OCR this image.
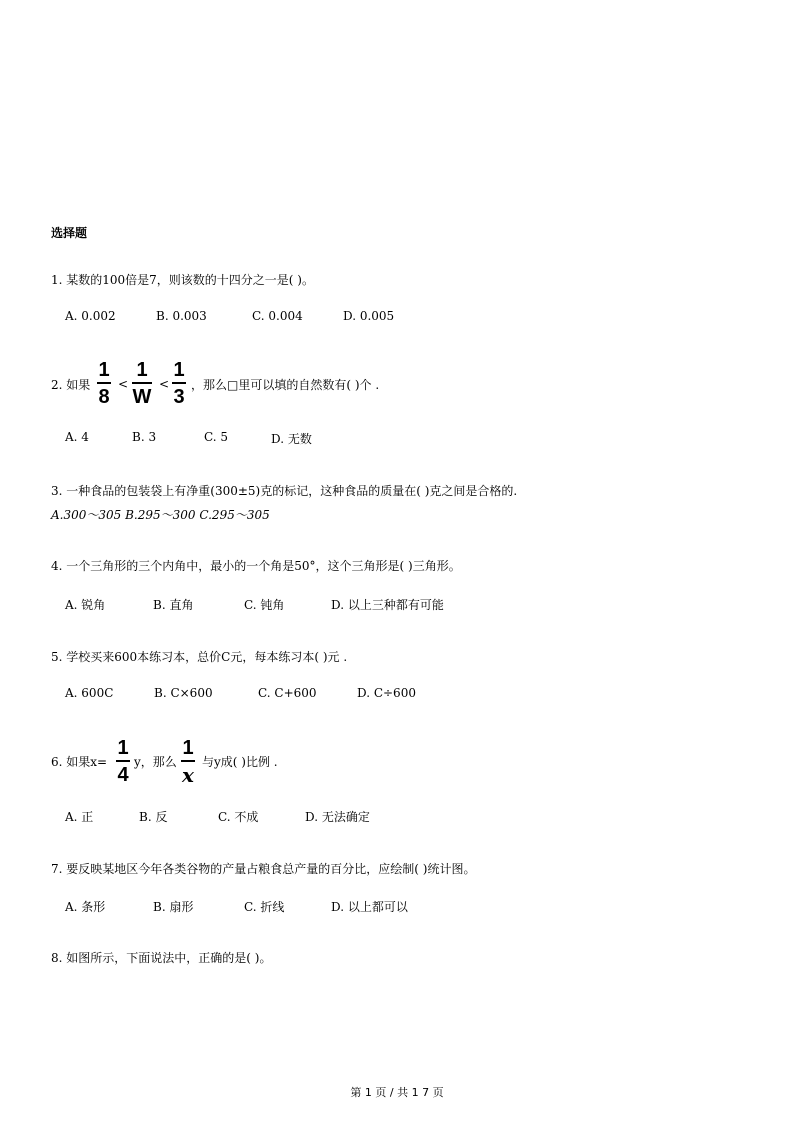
选择题
1. 某数的100倍是7，则该数的十四分之一是( )。
A. 0.002	B. 0.003	C. 0.004	D. 0.005
2. 如果
1
8
<
1
W
<
1
3
，那么□里可以填的自然数有( )个 .
A. 4	B. 3	C. 5	D. 无数
3. 一种食品的包装袋上有净重(300±5)克的标记，这种食品的质量在( )克之间是合格的.
A.300～305 B.295～300 C.295～305
4. 一个三角形的三个内角中，最小的一个角是50°，这个三角形是( )三角形。
A. 锐角	B. 直角	C. 钝角	D. 以上三种都有可能
5. 学校买来600本练习本，总价C元，每本练习本( )元 .
A. 600C	B. C×600	C. C+600	D. C÷600
6. 如果x=
1
4
y，那么
1
x
与y成( )比例 .
A. 正	B. 反	C. 不成	D. 无法确定
7. 要反映某地区今年各类谷物的产量占粮食总产量的百分比，应绘制( )统计图。
A. 条形	B. 扇形	C. 折线	D. 以上都可以
8. 如图所示，下面说法中，正确的是( )。
第 1 页 / 共 1 7 页
